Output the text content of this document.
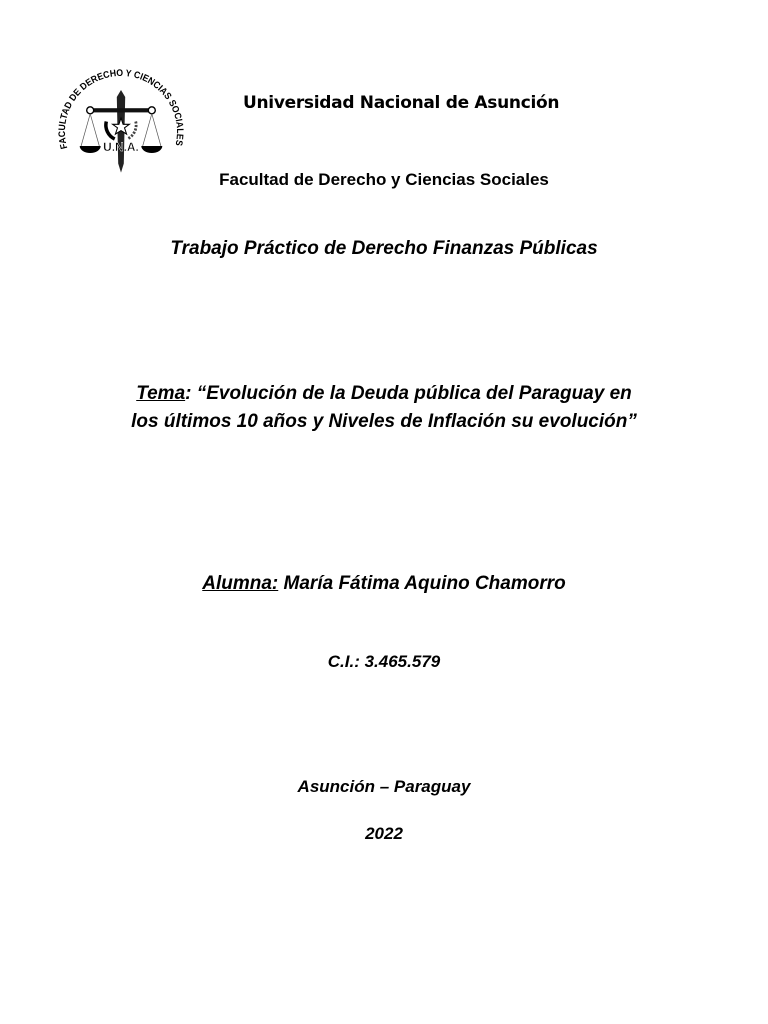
U.N.A.
FACULTAD DE DERECHO Y CIENCIAS SOCIALES
Universidad Nacional de Asunción
Facultad de Derecho y Ciencias Sociales
Trabajo Práctico de Derecho Finanzas Públicas
Tema: “Evolución de la Deuda pública del Paraguay en
los últimos 10 años y Niveles de Inflación su evolución”
Alumna: María Fátima Aquino Chamorro
C.I.: 3.465.579
Asunción – Paraguay
2022
